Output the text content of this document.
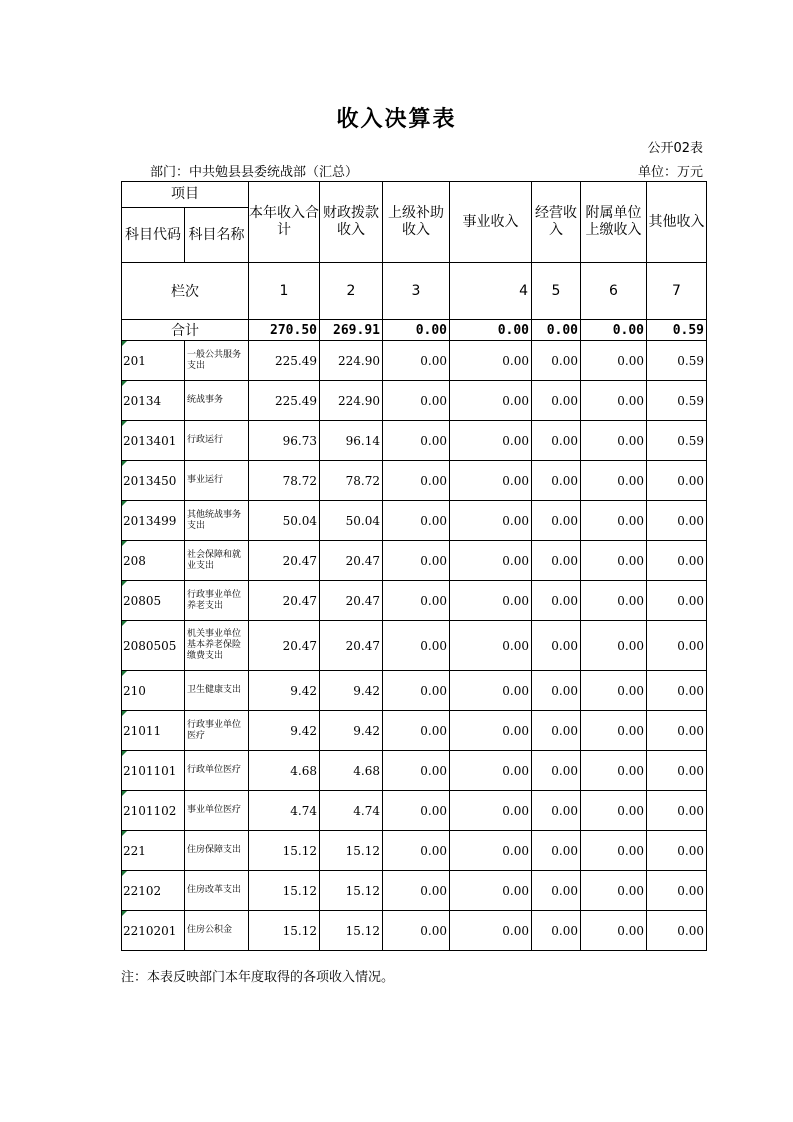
收入决算表
公开02表
部门：中共勉县县委统战部（汇总）	单位：万元
项目		本年收入合计	财政拨款收入	上级补助收入	事业收入	经营收入	附属单位上缴收入	其他收入
科目代码	科目名称							
栏次		1	2	3	4	5	6	7
合计		270.50	269.91	0.00	0.00	0.00	0.00	0.59
201	一般公共服务支出	225.49	224.90	0.00	0.00	0.00	0.00	0.59
20134	统战事务	225.49	224.90	0.00	0.00	0.00	0.00	0.59
2013401	行政运行	96.73	96.14	0.00	0.00	0.00	0.00	0.59
2013450	事业运行	78.72	78.72	0.00	0.00	0.00	0.00	0.00
2013499	其他统战事务支出	50.04	50.04	0.00	0.00	0.00	0.00	0.00
208	社会保障和就业支出	20.47	20.47	0.00	0.00	0.00	0.00	0.00
20805	行政事业单位养老支出	20.47	20.47	0.00	0.00	0.00	0.00	0.00
2080505	机关事业单位基本养老保险缴费支出	20.47	20.47	0.00	0.00	0.00	0.00	0.00
210	卫生健康支出	9.42	9.42	0.00	0.00	0.00	0.00	0.00
21011	行政事业单位医疗	9.42	9.42	0.00	0.00	0.00	0.00	0.00
2101101	行政单位医疗	4.68	4.68	0.00	0.00	0.00	0.00	0.00
2101102	事业单位医疗	4.74	4.74	0.00	0.00	0.00	0.00	0.00
221	住房保障支出	15.12	15.12	0.00	0.00	0.00	0.00	0.00
22102	住房改革支出	15.12	15.12	0.00	0.00	0.00	0.00	0.00
2210201	住房公积金	15.12	15.12	0.00	0.00	0.00	0.00	0.00
注：本表反映部门本年度取得的各项收入情况。
